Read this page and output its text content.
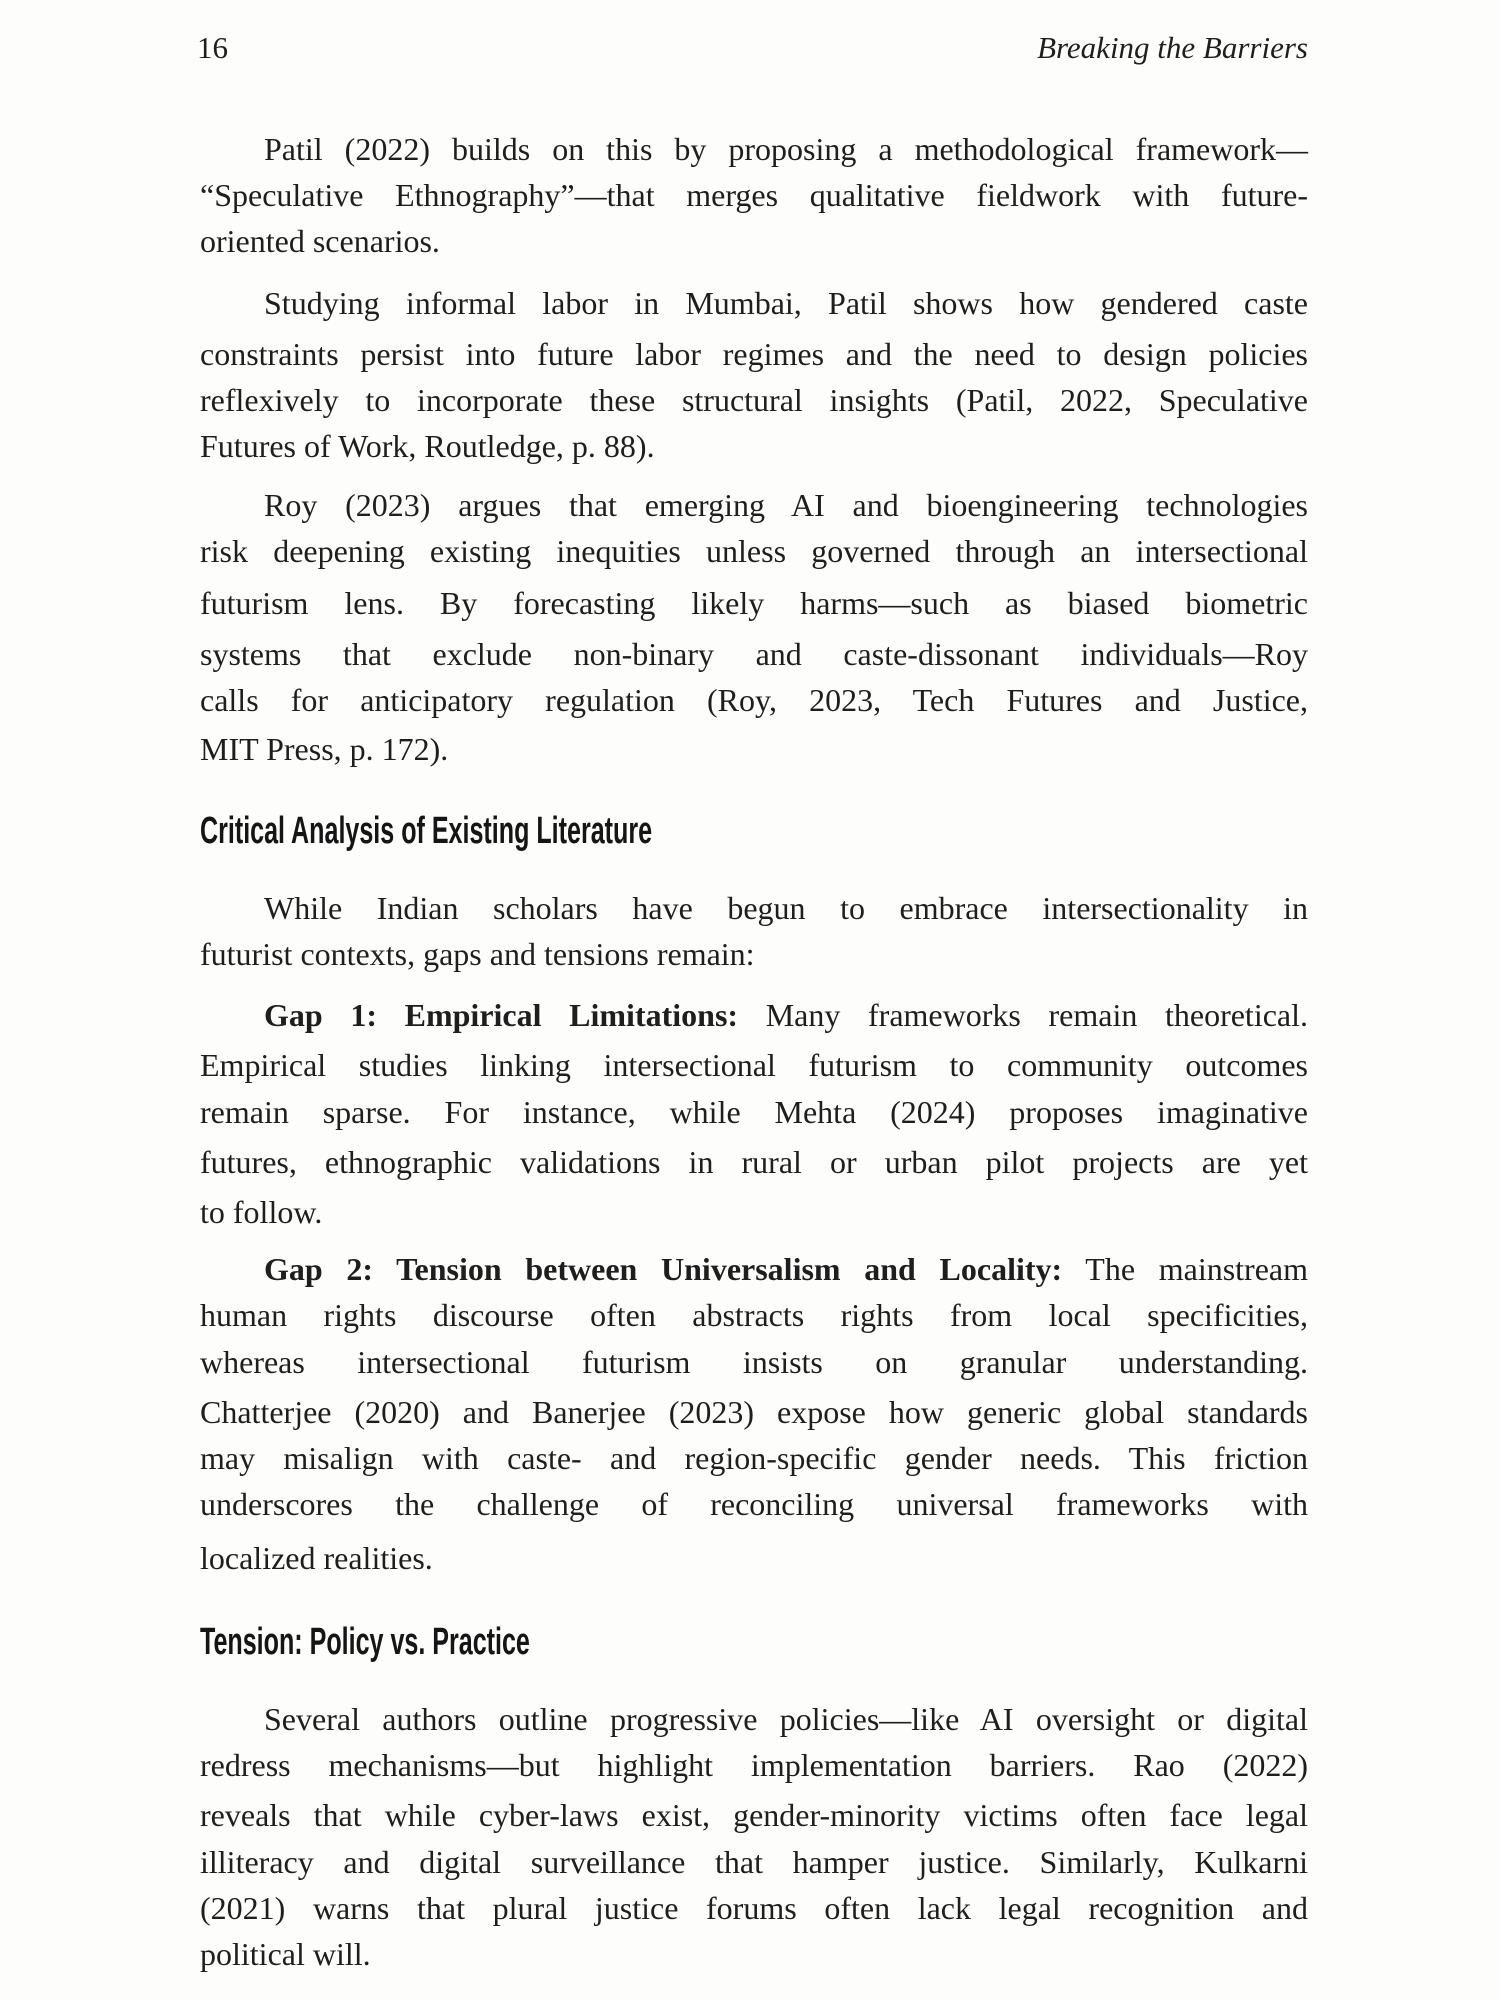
16	Breaking the Barriers
Patil (2022) builds on this by proposing a methodological framework—
“Speculative Ethnography”—that merges qualitative fieldwork with future-
oriented scenarios.
Studying informal labor in Mumbai, Patil shows how gendered caste
constraints persist into future labor regimes and the need to design policies
reflexively to incorporate these structural insights (Patil, 2022, Speculative
Futures of Work, Routledge, p. 88).
Roy (2023) argues that emerging AI and bioengineering technologies
risk deepening existing inequities unless governed through an intersectional
futurism lens. By forecasting likely harms—such as biased biometric
systems that exclude non-binary and caste-dissonant individuals—Roy
calls for anticipatory regulation (Roy, 2023, Tech Futures and Justice,
MIT Press, p. 172).
Critical Analysis of Existing Literature
While Indian scholars have begun to embrace intersectionality in
futurist contexts, gaps and tensions remain:
Gap 1: Empirical Limitations: Many frameworks remain theoretical.
Empirical studies linking intersectional futurism to community outcomes
remain sparse. For instance, while Mehta (2024) proposes imaginative
futures, ethnographic validations in rural or urban pilot projects are yet
to follow.
Gap 2: Tension between Universalism and Locality: The mainstream
human rights discourse often abstracts rights from local specificities,
whereas intersectional futurism insists on granular understanding.
Chatterjee (2020) and Banerjee (2023) expose how generic global standards
may misalign with caste- and region-specific gender needs. This friction
underscores the challenge of reconciling universal frameworks with
localized realities.
Tension: Policy vs. Practice
Several authors outline progressive policies—like AI oversight or digital
redress mechanisms—but highlight implementation barriers. Rao (2022)
reveals that while cyber-laws exist, gender-minority victims often face legal
illiteracy and digital surveillance that hamper justice. Similarly, Kulkarni
(2021) warns that plural justice forums often lack legal recognition and
political will.
